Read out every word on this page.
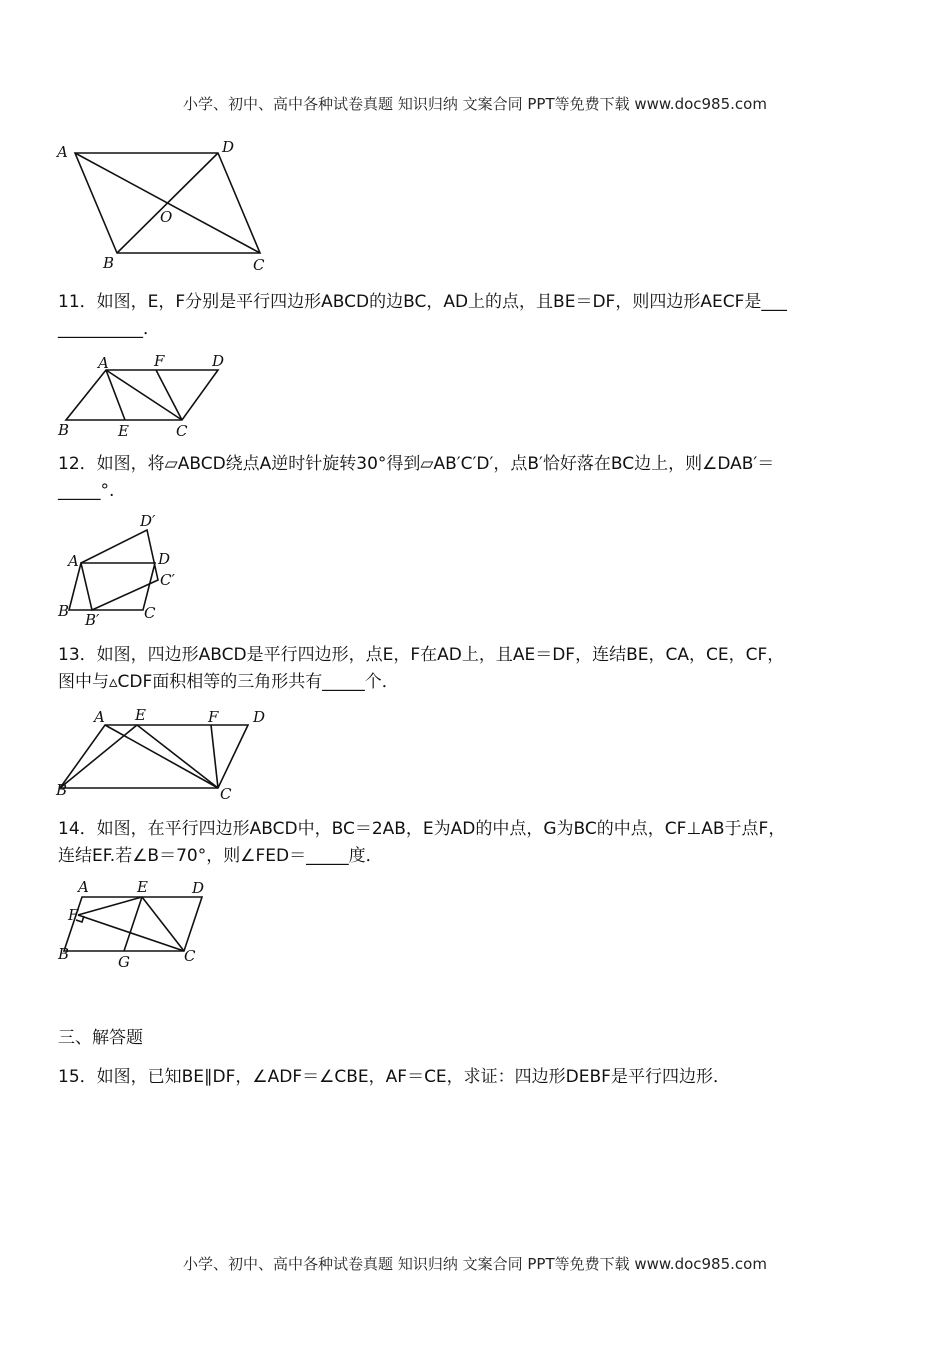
小学、初中、高中各种试卷真题 知识归纳 文案合同 PPT等免费下载 www.doc985.com
A	D
O
B	C
11．如图，E，F分别是平行四边形ABCD的边BC，AD上的点，且BE＝DF，则四边形AECF是___
__________．
A	F	D
B	E	C
12．如图，将▱ABCD绕点A逆时针旋转30°得到▱AB′C′D′，点B′恰好落在BC边上，则∠DAB′＝
_____°.
D′
A	D
C′
B B′	C
13．如图，四边形ABCD是平行四边形，点E，F在AD上，且AE＝DF，连结BE，CA，CE，CF，
图中与▵CDF面积相等的三角形共有_____个．
A E	F D
B	C
14．如图，在平行四边形ABCD中，BC＝2AB，E为AD的中点，G为BC的中点，CF⊥AB于点F，
连结EF.若∠B＝70°，则∠FED＝_____度．
A	E	D
F
B	G	C
三、解答题
15．如图，已知BE∥DF，∠ADF＝∠CBE，AF＝CE，求证：四边形DEBF是平行四边形．
小学、初中、高中各种试卷真题 知识归纳 文案合同 PPT等免费下载 www.doc985.com
